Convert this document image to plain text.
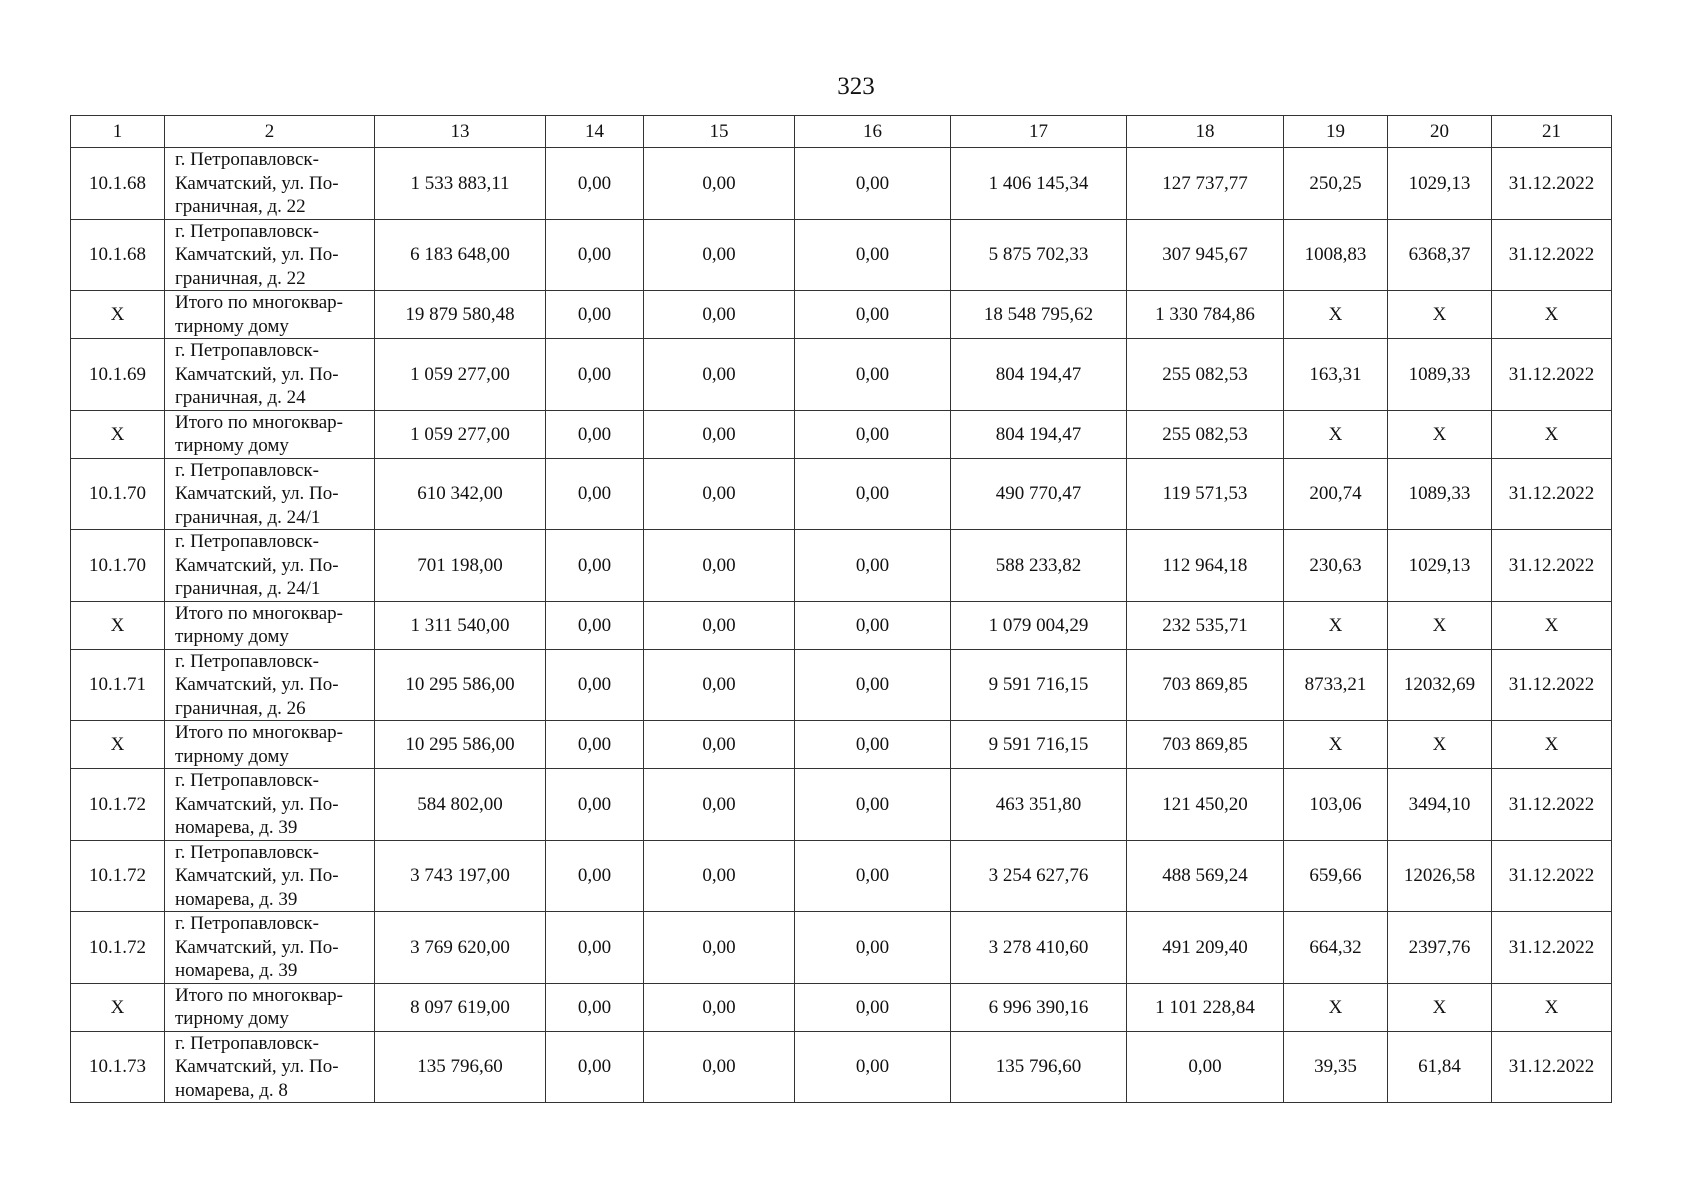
323
1	2	13	14	15	16	17	18	19	20	21
10.1.68	г. Петропавловск-
Камчатский, ул. По-
граничная, д. 22	1 533 883,11	0,00	0,00	0,00	1 406 145,34	127 737,77	250,25	1029,13	31.12.2022
10.1.68	г. Петропавловск-
Камчатский, ул. По-
граничная, д. 22	6 183 648,00	0,00	0,00	0,00	5 875 702,33	307 945,67	1008,83	6368,37	31.12.2022
X	Итого по многоквар-
тирному дому	19 879 580,48	0,00	0,00	0,00	18 548 795,62	1 330 784,86	X	X	X
10.1.69	г. Петропавловск-
Камчатский, ул. По-
граничная, д. 24	1 059 277,00	0,00	0,00	0,00	804 194,47	255 082,53	163,31	1089,33	31.12.2022
X	Итого по многоквар-
тирному дому	1 059 277,00	0,00	0,00	0,00	804 194,47	255 082,53	X	X	X
10.1.70	г. Петропавловск-
Камчатский, ул. По-
граничная, д. 24/1	610 342,00	0,00	0,00	0,00	490 770,47	119 571,53	200,74	1089,33	31.12.2022
10.1.70	г. Петропавловск-
Камчатский, ул. По-
граничная, д. 24/1	701 198,00	0,00	0,00	0,00	588 233,82	112 964,18	230,63	1029,13	31.12.2022
X	Итого по многоквар-
тирному дому	1 311 540,00	0,00	0,00	0,00	1 079 004,29	232 535,71	X	X	X
10.1.71	г. Петропавловск-
Камчатский, ул. По-
граничная, д. 26	10 295 586,00	0,00	0,00	0,00	9 591 716,15	703 869,85	8733,21	12032,69	31.12.2022
X	Итого по многоквар-
тирному дому	10 295 586,00	0,00	0,00	0,00	9 591 716,15	703 869,85	X	X	X
10.1.72	г. Петропавловск-
Камчатский, ул. По-
номарева, д. 39	584 802,00	0,00	0,00	0,00	463 351,80	121 450,20	103,06	3494,10	31.12.2022
10.1.72	г. Петропавловск-
Камчатский, ул. По-
номарева, д. 39	3 743 197,00	0,00	0,00	0,00	3 254 627,76	488 569,24	659,66	12026,58	31.12.2022
10.1.72	г. Петропавловск-
Камчатский, ул. По-
номарева, д. 39	3 769 620,00	0,00	0,00	0,00	3 278 410,60	491 209,40	664,32	2397,76	31.12.2022
X	Итого по многоквар-
тирному дому	8 097 619,00	0,00	0,00	0,00	6 996 390,16	1 101 228,84	X	X	X
10.1.73	г. Петропавловск-
Камчатский, ул. По-
номарева, д. 8	135 796,60	0,00	0,00	0,00	135 796,60	0,00	39,35	61,84	31.12.2022
